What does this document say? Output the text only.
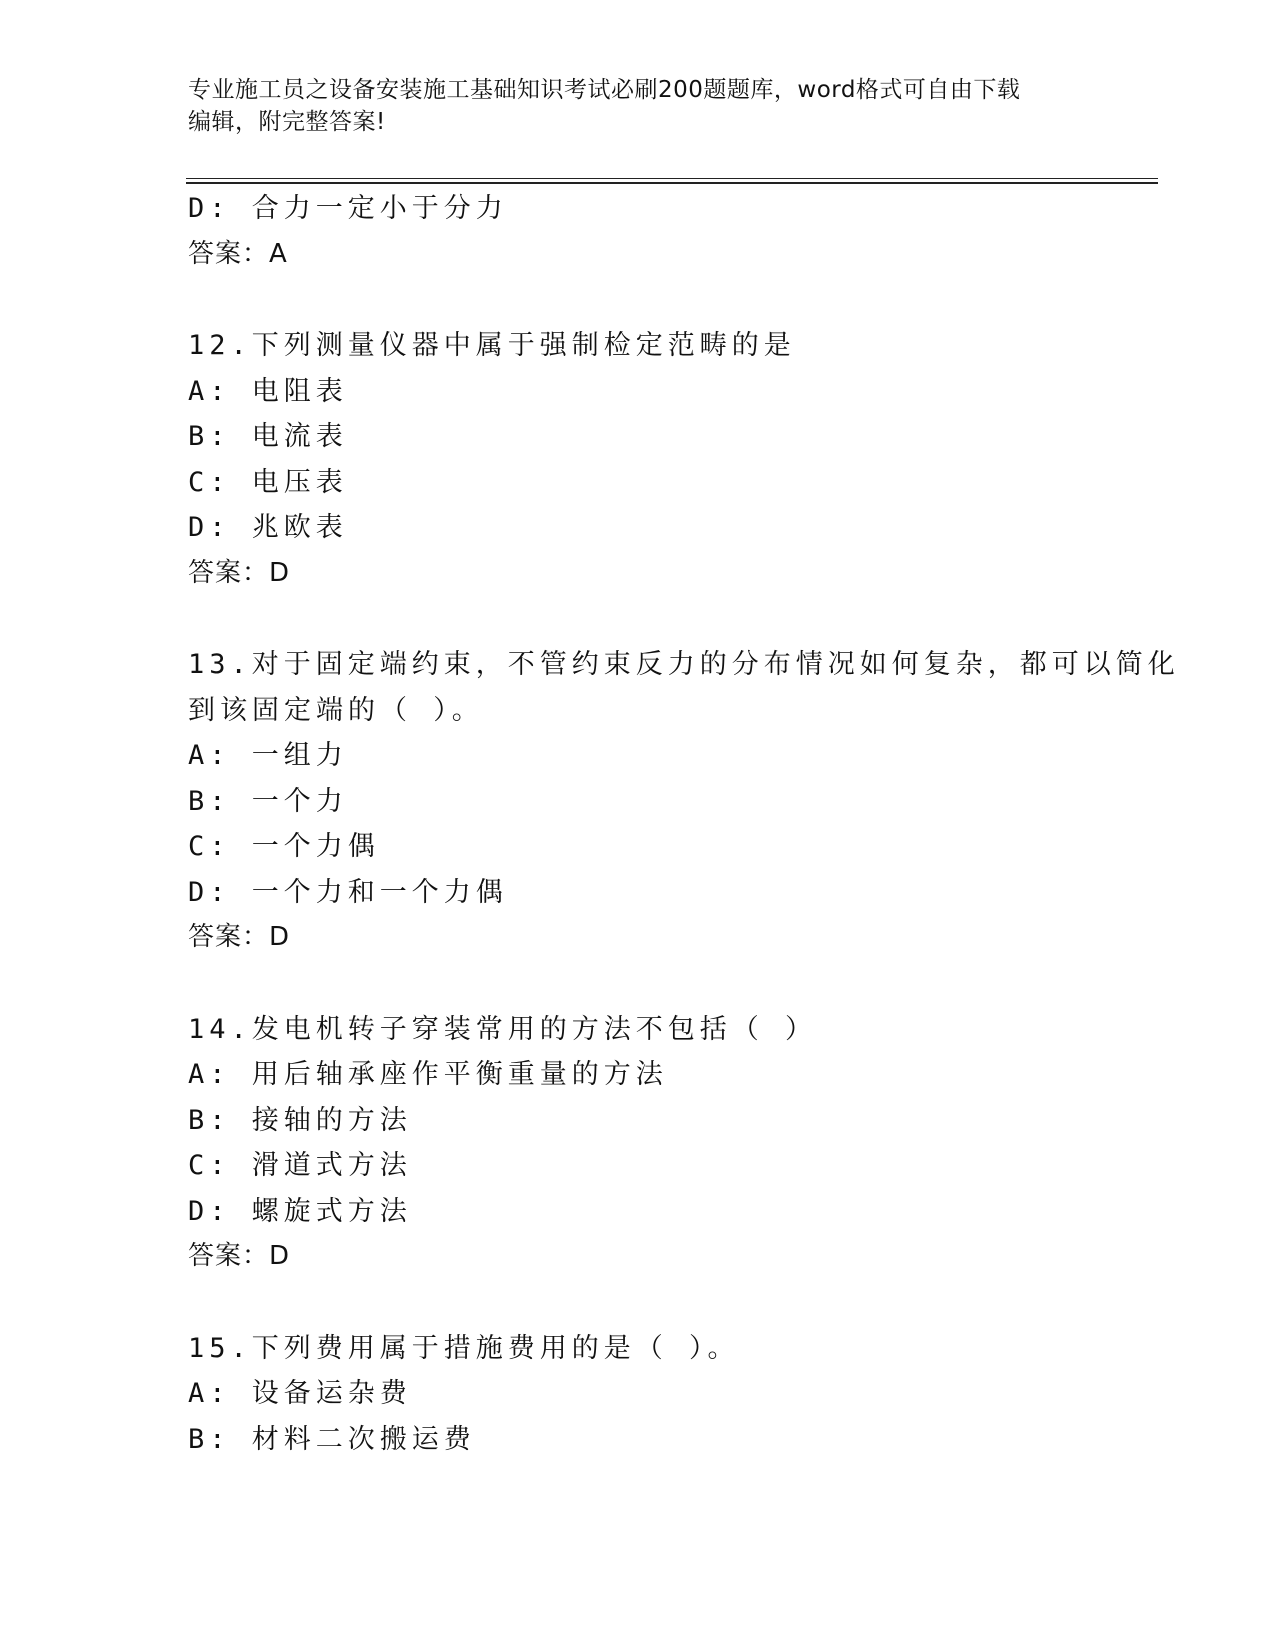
专业施工员之设备安装施工基础知识考试必刷200题题库，word格式可自由下载
编辑，附完整答案!
D: 合力一定小于分力
答案：A
12.下列测量仪器中属于强制检定范畴的是
A: 电阻表
B: 电流表
C: 电压表
D: 兆欧表
答案：D
13.对于固定端约束，不管约束反力的分布情况如何复杂，都可以简化
到该固定端的（ ）。
A: 一组力
B: 一个力
C: 一个力偶
D: 一个力和一个力偶
答案：D
14.发电机转子穿装常用的方法不包括（ ）
A: 用后轴承座作平衡重量的方法
B: 接轴的方法
C: 滑道式方法
D: 螺旋式方法
答案：D
15.下列费用属于措施费用的是（ ）。
A: 设备运杂费
B: 材料二次搬运费
